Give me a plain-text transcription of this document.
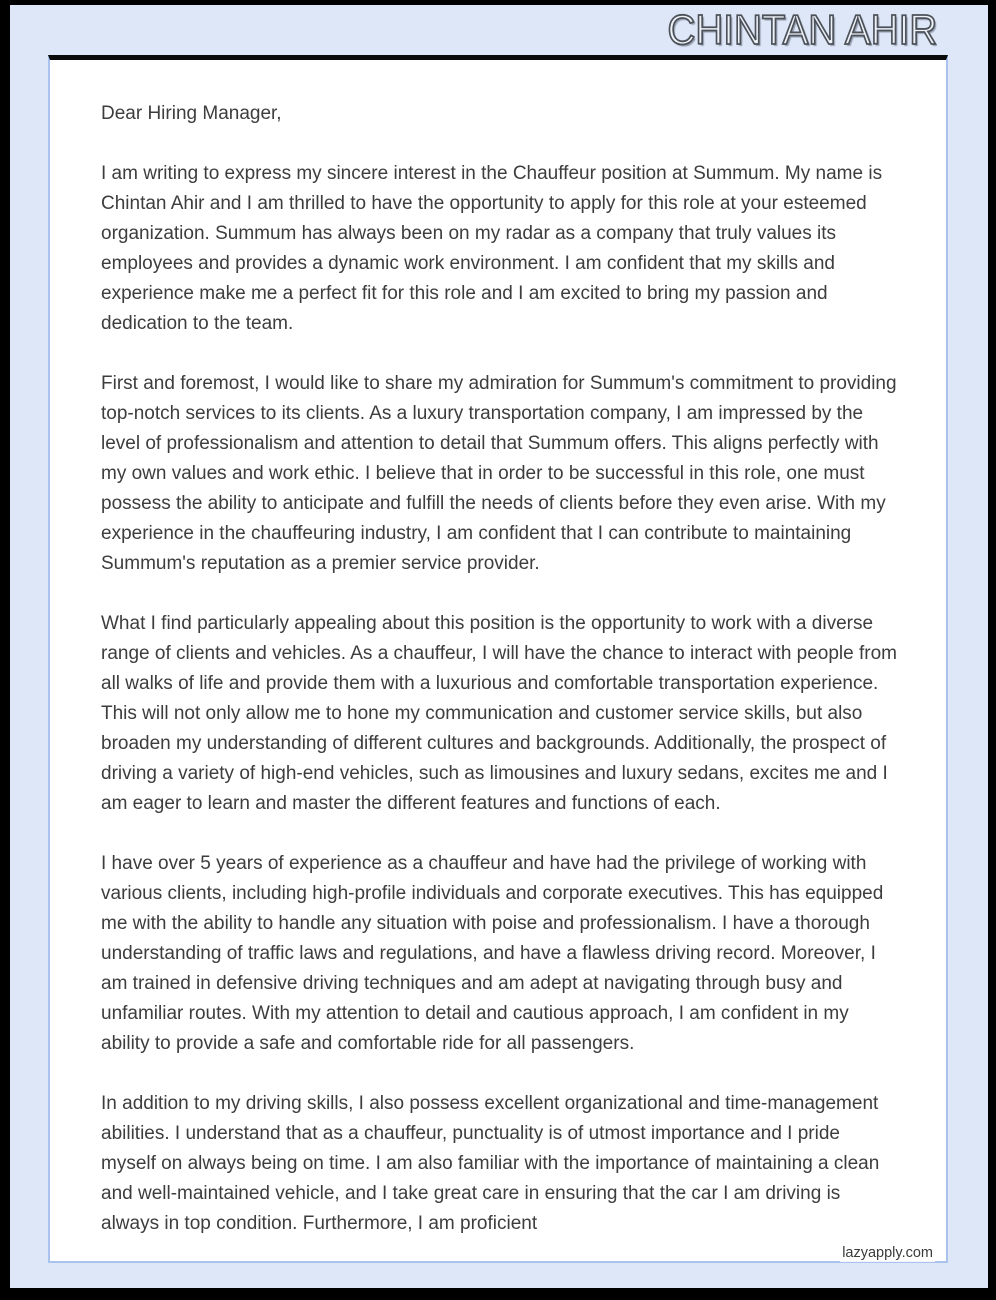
CHINTAN AHIR

Dear Hiring Manager,

I am writing to express my sincere interest in the Chauffeur position at Summum. My name is Chintan Ahir and I am thrilled to have the opportunity to apply for this role at your esteemed organization. Summum has always been on my radar as a company that truly values its employees and provides a dynamic work environment. I am confident that my skills and experience make me a perfect fit for this role and I am excited to bring my passion and dedication to the team.

First and foremost, I would like to share my admiration for Summum's commitment to providing top-notch services to its clients. As a luxury transportation company, I am impressed by the level of professionalism and attention to detail that Summum offers. This aligns perfectly with my own values and work ethic. I believe that in order to be successful in this role, one must possess the ability to anticipate and fulfill the needs of clients before they even arise. With my experience in the chauffeuring industry, I am confident that I can contribute to maintaining Summum's reputation as a premier service provider.

What I find particularly appealing about this position is the opportunity to work with a diverse range of clients and vehicles. As a chauffeur, I will have the chance to interact with people from all walks of life and provide them with a luxurious and comfortable transportation experience. This will not only allow me to hone my communication and customer service skills, but also broaden my understanding of different cultures and backgrounds. Additionally, the prospect of driving a variety of high-end vehicles, such as limousines and luxury sedans, excites me and I am eager to learn and master the different features and functions of each.

I have over 5 years of experience as a chauffeur and have had the privilege of working with various clients, including high-profile individuals and corporate executives. This has equipped me with the ability to handle any situation with poise and professionalism. I have a thorough understanding of traffic laws and regulations, and have a flawless driving record. Moreover, I am trained in defensive driving techniques and am adept at navigating through busy and unfamiliar routes. With my attention to detail and cautious approach, I am confident in my ability to provide a safe and comfortable ride for all passengers.

In addition to my driving skills, I also possess excellent organizational and time-management abilities. I understand that as a chauffeur, punctuality is of utmost importance and I pride myself on always being on time. I am also familiar with the importance of maintaining a clean and well-maintained vehicle, and I take great care in ensuring that the car I am driving is always in top condition. Furthermore, I am proficient

lazyapply.com
